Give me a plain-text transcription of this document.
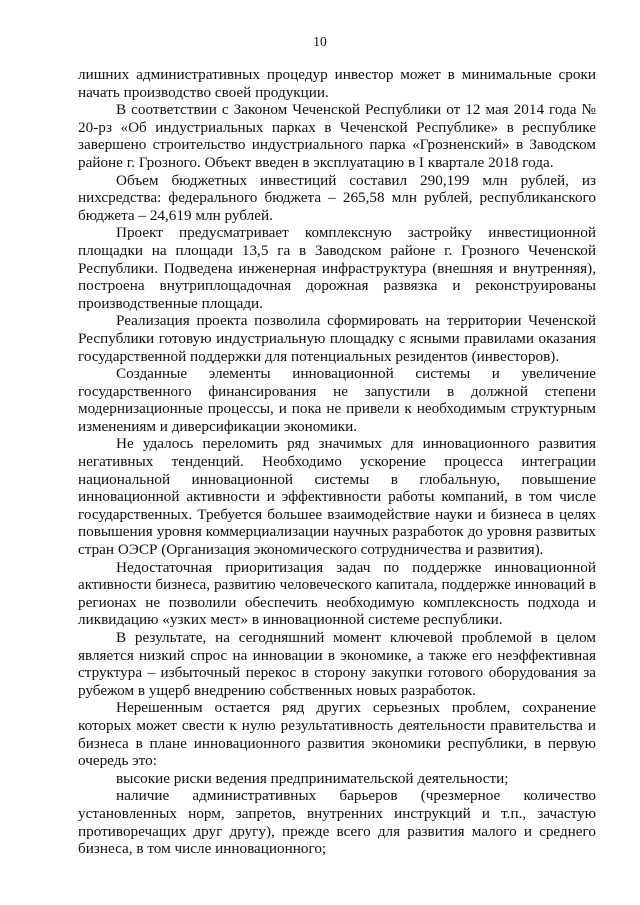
10

лишних административных процедур инвестор может в минимальные сроки начать производство своей продукции.

В соответствии с Законом Чеченской Республики от 12 мая 2014 года № 20-рз «Об индустриальных парках в Чеченской Республике» в республике завершено строительство индустриального парка «Грозненский» в Заводском районе г. Грозного. Объект введен в эксплуатацию в I квартале 2018 года.

Объем бюджетных инвестиций составил 290,199 млн рублей, из нихсредства: федерального бюджета – 265,58 млн рублей, республиканского бюджета – 24,619 млн рублей.

Проект предусматривает комплексную застройку инвестиционной площадки на площади 13,5 га в Заводском районе г. Грозного Чеченской Республики. Подведена инженерная инфраструктура (внешняя и внутренняя), построена внутриплощадочная дорожная развязка и реконструированы производственные площади.

Реализация проекта позволила сформировать на территории Чеченской Республики готовую индустриальную площадку с ясными правилами оказания государственной поддержки для потенциальных резидентов (инвесторов).

Созданные элементы инновационной системы и увеличение государственного финансирования не запустили в должной степени модернизационные процессы, и пока не привели к необходимым структурным изменениям и диверсификации экономики.

Не удалось переломить ряд значимых для инновационного развития негативных тенденций. Необходимо ускорение процесса интеграции национальной инновационной системы в глобальную, повышение инновационной активности и эффективности работы компаний, в том числе государственных. Требуется большее взаимодействие науки и бизнеса в целях повышения уровня коммерциализации научных разработок до уровня развитых стран ОЭСР (Организация экономического сотрудничества и развития).

Недостаточная приоритизация задач по поддержке инновационной активности бизнеса, развитию человеческого капитала, поддержке инноваций в регионах не позволили обеспечить необходимую комплексность подхода и ликвидацию «узких мест» в инновационной системе республики.

В результате, на сегодняшний момент ключевой проблемой в целом является низкий спрос на инновации в экономике, а также его неэффективная структура – избыточный перекос в сторону закупки готового оборудования за рубежом в ущерб внедрению собственных новых разработок.

Нерешенным остается ряд других серьезных проблем, сохранение которых может свести к нулю результативность деятельности правительства и бизнеса в плане инновационного развития экономики республики, в первую очередь это:

высокие риски ведения предпринимательской деятельности;

наличие административных барьеров (чрезмерное количество установленных норм, запретов, внутренних инструкций и т.п., зачастую противоречащих друг другу), прежде всего для развития малого и среднего бизнеса, в том числе инновационного;
